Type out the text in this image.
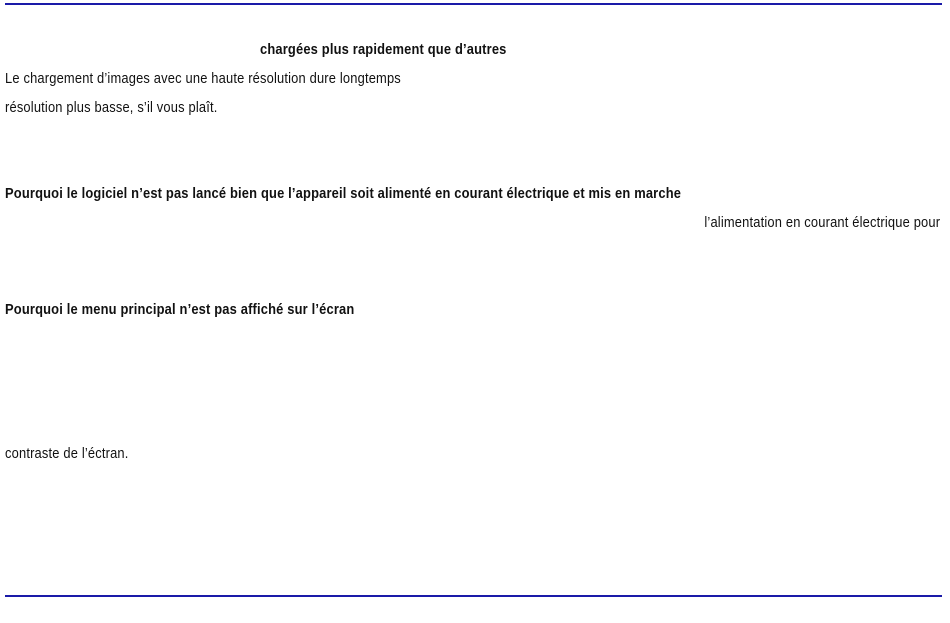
chargées plus rapidement que d’autres
Le chargement d’images avec une haute résolution dure longtemps
résolution plus basse, s’il vous plaît.
Pourquoi le logiciel n’est pas lancé bien que l’appareil soit alimenté en courant électrique et mis en marche
l’alimentation en courant électrique pour
Pourquoi le menu principal n’est pas affiché sur l’écran
contraste de l’éctran.
